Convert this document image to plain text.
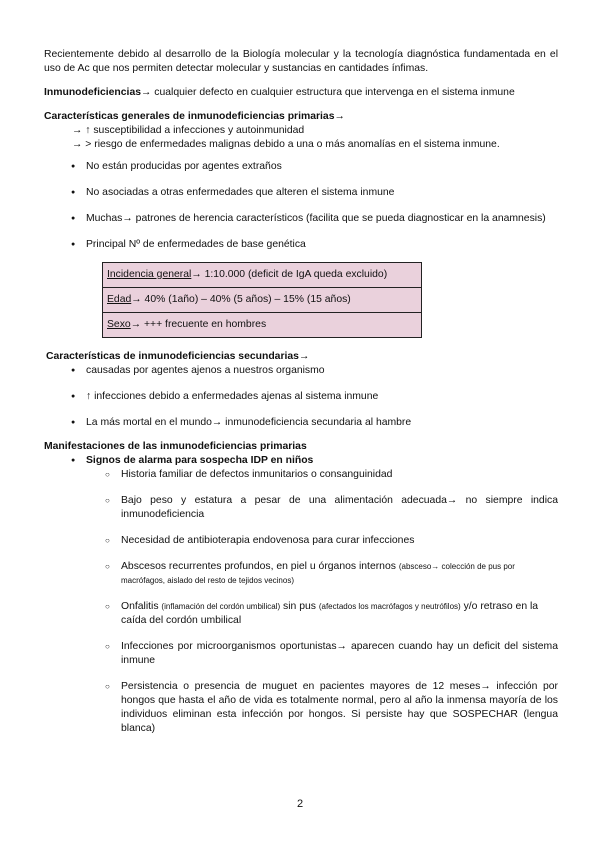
Recientemente debido al desarrollo de la Biología molecular y la tecnología diagnóstica fundamentada en el uso de Ac que nos permiten detectar molecular y sustancias en cantidades ínfimas.

Inmunodeficiencias→ cualquier defecto en cualquier estructura que intervenga en el sistema inmune

Características generales de inmunodeficiencias primarias→

→ ↑ susceptibilidad a infecciones y autoinmunidad

→ > riesgo de enfermedades malignas debido a una o más anomalías en el sistema inmune.

● No están producidas por agentes extraños
● No asociadas a otras enfermedades que alteren el sistema inmune
● Muchas→ patrones de herencia característicos (facilita que se pueda diagnosticar en la anamnesis)
● Principal Nº de enfermedades de base genética
Incidencia general→ 1:10.000 (deficit de IgA queda excluido)
Edad→ 40% (1año) – 40% (5 años) – 15% (15 años)
Sexo→ +++ frecuente en hombres

Características de inmunodeficiencias secundarias→

● causadas por agentes ajenos a nuestros organismo
● ↑ infecciones debido a enfermedades ajenas al sistema inmune
● La más mortal en el mundo→ inmunodeficiencia secundaria al hambre

Manifestaciones de las inmunodeficiencias primarias

● Signos de alarma para sospecha IDP en niños
○ Historia familiar de defectos inmunitarios o consanguinidad
○ Bajo peso y estatura a pesar de una alimentación adecuada→ no siempre indica inmunodeficiencia
○ Necesidad de antibioterapia endovenosa para curar infecciones
○ Abscesos recurrentes profundos, en piel u órganos internos (absceso→ colección de pus por macrófagos, aislado del resto de tejidos vecinos)
○ Onfalitis (inflamación del cordón umbilical) sin pus (afectados los macrófagos y neutrófilos) y/o retraso en la caída del cordón umbilical
○ Infecciones por microorganismos oportunistas→ aparecen cuando hay un deficit del sistema inmune
○ Persistencia o presencia de muguet en pacientes mayores de 12 meses→ infección por hongos que hasta el año de vida es totalmente normal, pero al año la inmensa mayoría de los individuos eliminan esta infección por hongos. Si persiste hay que SOSPECHAR (lengua blanca)
2
